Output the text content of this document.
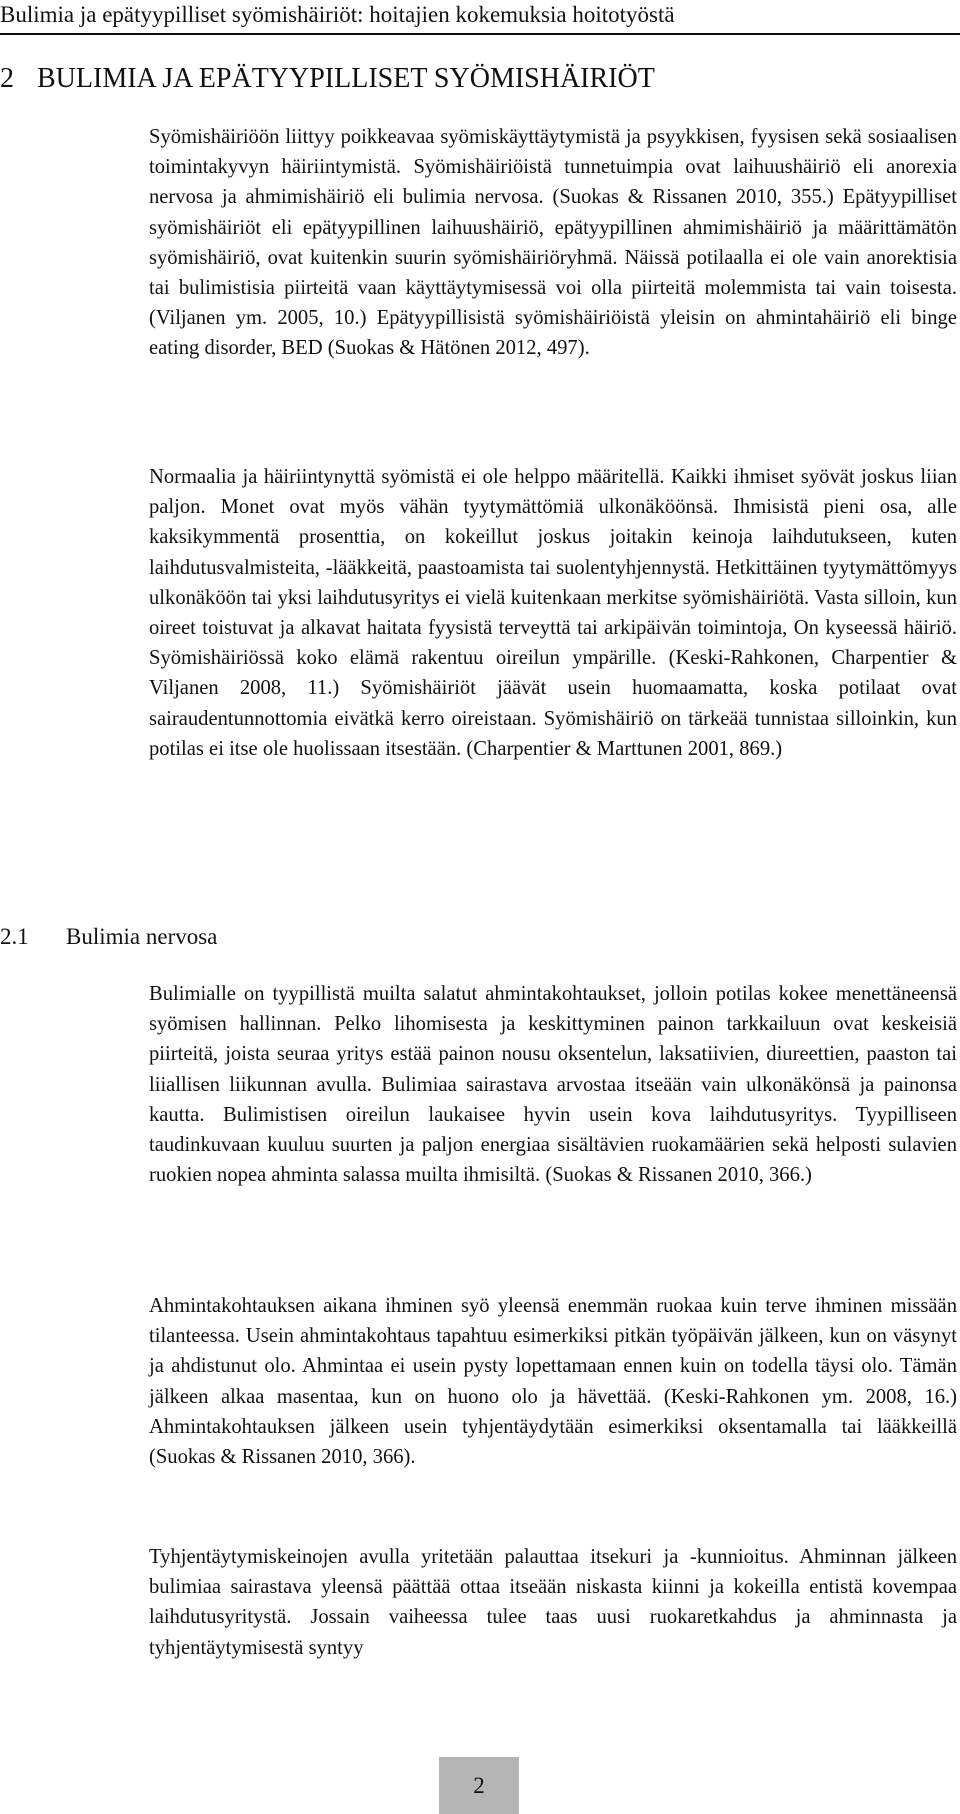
Bulimia ja epätyypilliset syömishäiriöt: hoitajien kokemuksia hoitotyöstä
2 BULIMIA JA EPÄTYYPILLISET SYÖMISHÄIRIÖT

Syömishäiriöön liittyy poikkeavaa syömiskäyttäytymistä ja psyykkisen, fyysisen sekä sosiaalisen toimintakyvyn häiriintymistä. Syömishäiriöistä tunnetuimpia ovat laihuushäiriö eli anorexia nervosa ja ahmimishäiriö eli bulimia nervosa. (Suokas & Rissanen 2010, 355.) Epätyypilliset syömishäiriöt eli epätyypillinen laihuushäiriö, epätyypillinen ahmimishäiriö ja määrittämätön syömishäiriö, ovat kuitenkin suurin syömishäiriöryhmä. Näissä potilaalla ei ole vain anorektisia tai bulimistisia piirteitä vaan käyttäytymisessä voi olla piirteitä molemmista tai vain toisesta. (Viljanen ym. 2005, 10.) Epätyypillisistä syömishäiriöistä yleisin on ahmintahäiriö eli binge eating disorder, BED (Suokas & Hätönen 2012, 497).

Normaalia ja häiriintynyttä syömistä ei ole helppo määritellä. Kaikki ihmiset syövät joskus liian paljon. Monet ovat myös vähän tyytymättömiä ulkonäköönsä. Ihmisistä pieni osa, alle kaksikymmentä prosenttia, on kokeillut joskus joitakin keinoja laihdutukseen, kuten laihdutusvalmisteita, -lääkkeitä, paastoamista tai suolentyhjennystä. Hetkittäinen tyytymättömyys ulkonäköön tai yksi laihdutusyritys ei vielä kuitenkaan merkitse syömishäiriötä. Vasta silloin, kun oireet toistuvat ja alkavat haitata fyysistä terveyttä tai arkipäivän toimintoja, On kyseessä häiriö. Syömishäiriössä koko elämä rakentuu oireilun ympärille. (Keski-Rahkonen, Charpentier & Viljanen 2008, 11.) Syömishäiriöt jäävät usein huomaamatta, koska potilaat ovat sairaudentunnottomia eivätkä kerro oireistaan. Syömishäiriö on tärkeää tunnistaa silloinkin, kun potilas ei itse ole huolissaan itsestään. (Charpentier & Marttunen 2001, 869.)

2.1 Bulimia nervosa

Bulimialle on tyypillistä muilta salatut ahmintakohtaukset, jolloin potilas kokee menettäneensä syömisen hallinnan. Pelko lihomisesta ja keskittyminen painon tarkkailuun ovat keskeisiä piirteitä, joista seuraa yritys estää painon nousu oksentelun, laksatiivien, diureettien, paaston tai liiallisen liikunnan avulla. Bulimiaa sairastava arvostaa itseään vain ulkonäkönsä ja painonsa kautta. Bulimistisen oireilun laukaisee hyvin usein kova laihdutusyritys. Tyypilliseen taudinkuvaan kuuluu suurten ja paljon energiaa sisältävien ruokamäärien sekä helposti sulavien ruokien nopea ahminta salassa muilta ihmisiltä. (Suokas & Rissanen 2010, 366.)

Ahmintakohtauksen aikana ihminen syö yleensä enemmän ruokaa kuin terve ihminen missään tilanteessa. Usein ahmintakohtaus tapahtuu esimerkiksi pitkän työpäivän jälkeen, kun on väsynyt ja ahdistunut olo. Ahmintaa ei usein pysty lopettamaan ennen kuin on todella täysi olo. Tämän jälkeen alkaa masentaa, kun on huono olo ja hävettää. (Keski-Rahkonen ym. 2008, 16.) Ahmintakohtauksen jälkeen usein tyhjentäydytään esimerkiksi oksentamalla tai lääkkeillä (Suokas & Rissanen 2010, 366).

Tyhjentäytymiskeinojen avulla yritetään palauttaa itsekuri ja -kunnioitus. Ahminnan jälkeen bulimiaa sairastava yleensä päättää ottaa itseään niskasta kiinni ja kokeilla entistä kovempaa laihdutusyritystä. Jossain vaiheessa tulee taas uusi ruokaretkahdus ja ahminnasta ja tyhjentäytymisestä syntyy

2
